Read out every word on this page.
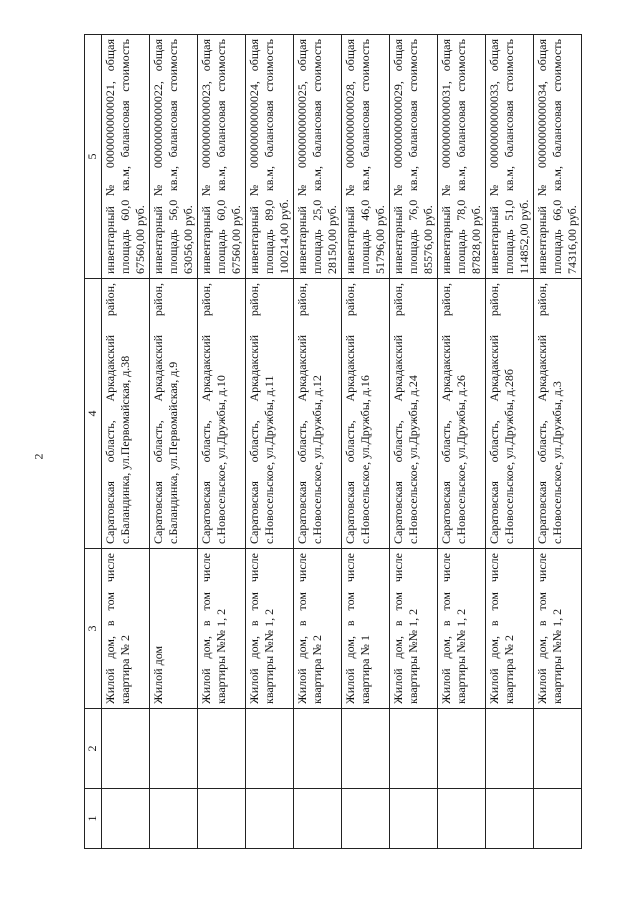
2
1	2	3	4	5
		Жилой дом, в том числе квартира № 2	Саратовская область, Аркадакский район, с.Баландинка, ул.Первомайская, д.38	инвентарный № 00000000000021, общая площадь 60,0 кв.м, балансовая стоимость 67560,00 руб.
		Жилой дом	Саратовская область, Аркадакский район, с.Баландинка, ул.Первомайская, д.9	инвентарный № 00000000000022, общая площадь 56,0 кв.м, балансовая стоимость 63056,00 руб.
		Жилой дом, в том числе квартиры №№ 1, 2	Саратовская область, Аркадакский район, с.Новосельское, ул.Дружбы, д.10	инвентарный № 00000000000023, общая площадь 60,0 кв.м, балансовая стоимость 67560,00 руб.
		Жилой дом, в том числе квартиры №№ 1, 2	Саратовская область, Аркадакский район, с.Новосельское, ул.Дружбы, д.11	инвентарный № 00000000000024, общая площадь 89,0 кв.м, балансовая стоимость 100214,00 руб.
		Жилой дом, в том числе квартира № 2	Саратовская область, Аркадакский район, с.Новосельское, ул.Дружбы, д.12	инвентарный № 00000000000025, общая площадь 25,0 кв.м, балансовая стоимость 28150,00 руб.
		Жилой дом, в том числе квартира № 1	Саратовская область, Аркадакский район, с.Новосельское, ул.Дружбы, д.16	инвентарный № 00000000000028, общая площадь 46,0 кв.м, балансовая стоимость 51796,00 руб.
		Жилой дом, в том числе квартиры №№ 1, 2	Саратовская область, Аркадакский район, с.Новосельское, ул.Дружбы, д.24	инвентарный № 00000000000029, общая площадь 76,0 кв.м, балансовая стоимость 85576,00 руб.
		Жилой дом, в том числе квартиры №№ 1, 2	Саратовская область, Аркадакский район, с.Новосельское, ул.Дружбы, д.26	инвентарный № 00000000000031, общая площадь 78,0 кв.м, балансовая стоимость 87828,00 руб.
		Жилой дом, в том числе квартира № 2	Саратовская область, Аркадакский район, с.Новосельское, ул.Дружбы, д.28б	инвентарный № 00000000000033, общая площадь 51,0 кв.м, балансовая стоимость 114852,00 руб.
		Жилой дом, в том числе квартиры №№ 1, 2	Саратовская область, Аркадакский район, с.Новосельское, ул.Дружбы, д.3	инвентарный № 00000000000034, общая площадь 66,0 кв.м, балансовая стоимость 74316,00 руб.
